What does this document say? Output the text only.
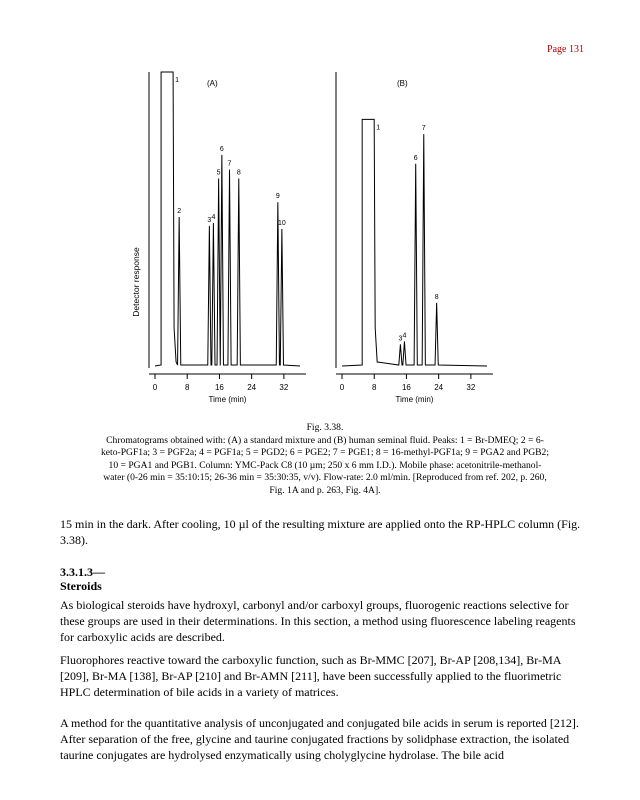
Page 131
0	8	16	24	32
Time (min)
(A)
1
2
3 4
5
6
7
8
9
10
0	8	16	24	32
Time (min)
(B)
1
3 4
6
7
8
Detector response
Fig. 3.38.
Chromatograms obtained with: (A) a standard mixture and (B) human seminal fluid. Peaks: 1 = Br-DMEQ; 2 = 6-keto-PGF1a; 3 = PGF2a; 4 = PGF1a; 5 = PGD2; 6 = PGE2; 7 = PGE1; 8 = 16-methyl-PGF1a; 9 = PGA2 and PGB2; 10 = PGA1 and PGB1. Column: YMC-Pack C8 (10 µm; 250 x 6 mm I.D.). Mobile phase: acetonitrile-methanol-water (0-26 min = 35:10:15; 26-36 min = 35:30:35, v/v). Flow-rate: 2.0 ml/min. [Reproduced from ref. 202, p. 260, Fig. 1A and p. 263, Fig. 4A].

15 min in the dark. After cooling, 10 µl of the resulting mixture are applied onto the RP-HPLC column (Fig. 3.38).

3.3.1.3—
Steroids

As biological steroids have hydroxyl, carbonyl and/or carboxyl groups, fluorogenic reactions selective for these groups are used in their determinations. In this section, a method using fluorescence labeling reagents for carboxylic acids are described.

Fluorophores reactive toward the carboxylic function, such as Br-MMC [207], Br-AP [208,134], Br-MA [209], Br-MA [138], Br-AP [210] and Br-AMN [211], have been successfully applied to the fluorimetric HPLC determination of bile acids in a variety of matrices.

A method for the quantitative analysis of unconjugated and conjugated bile acids in serum is reported [212]. After separation of the free, glycine and taurine conjugated fractions by solidphase extraction, the isolated taurine conjugates are hydrolysed enzymatically using cholyglycine hydrolase. The bile acid
